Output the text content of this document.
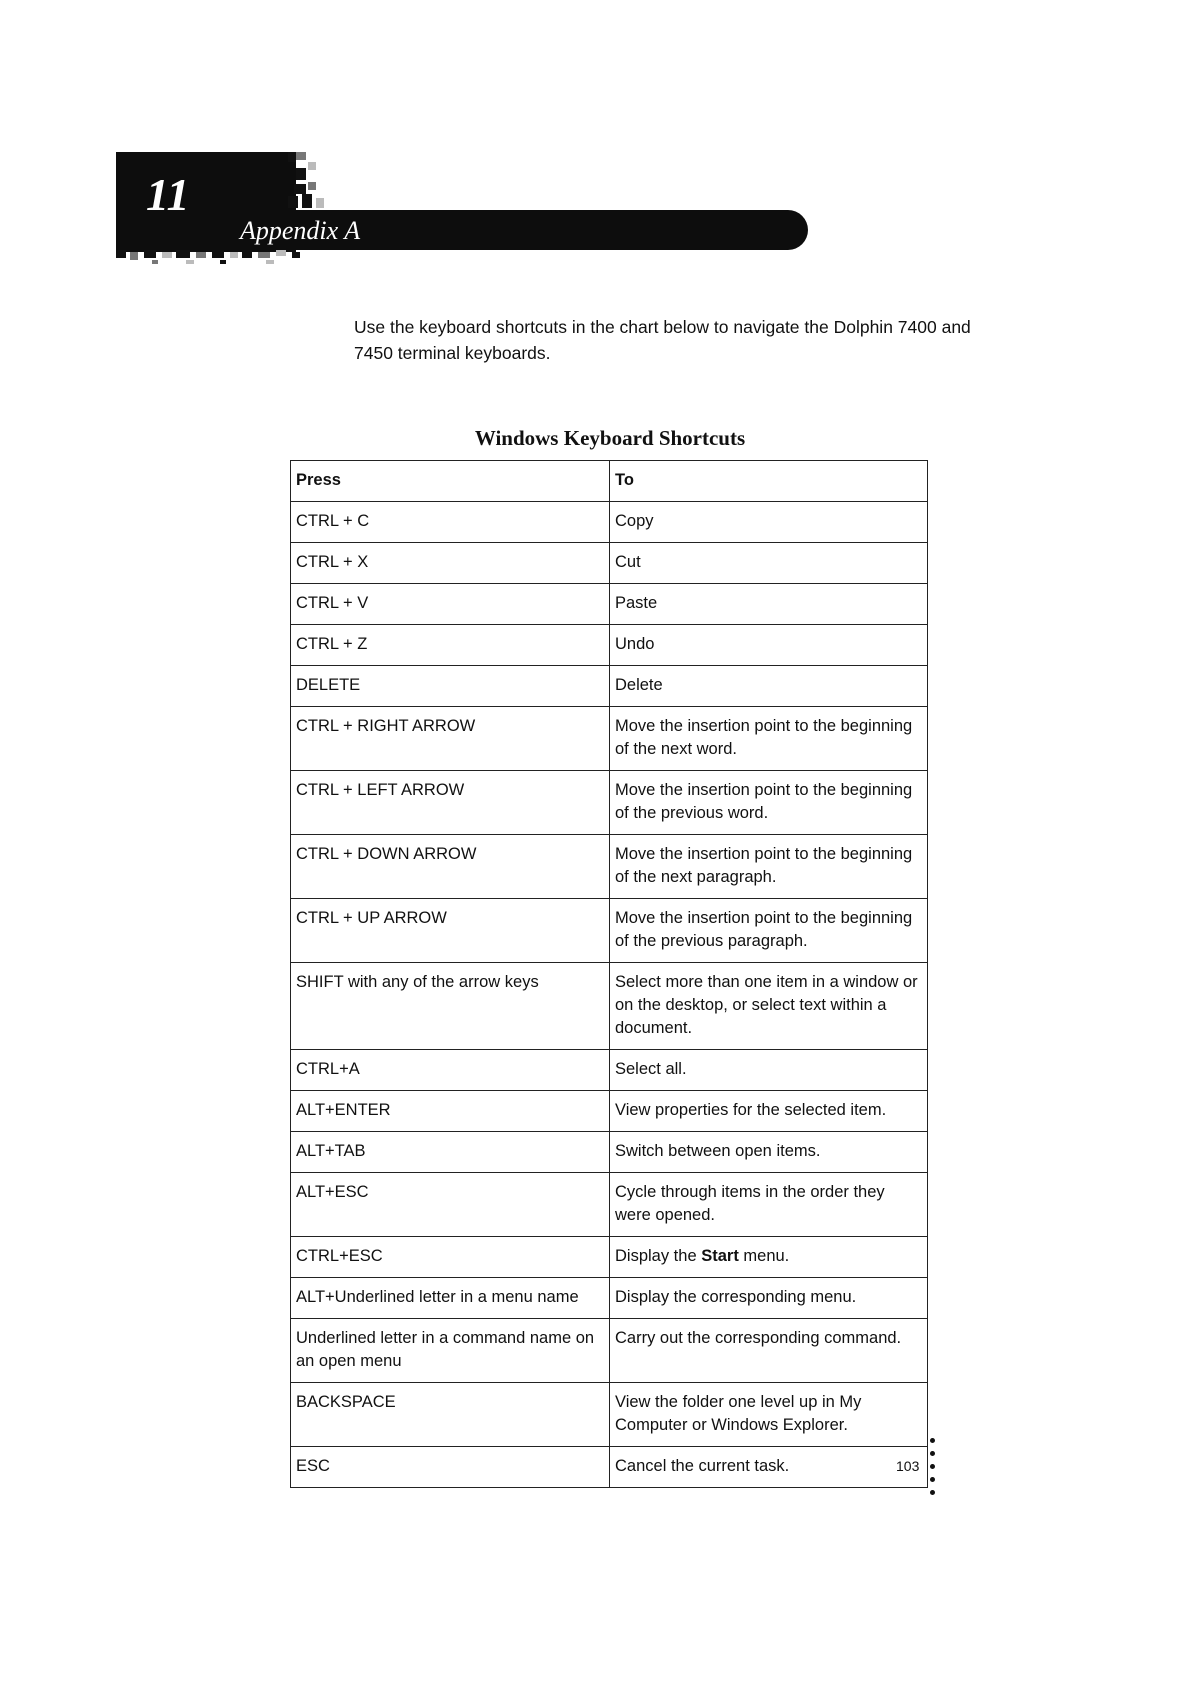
11
Appendix A
Use the keyboard shortcuts in the chart below to navigate the Dolphin 7400 and 7450 terminal keyboards.
Windows Keyboard Shortcuts
Press	To
CTRL + C	Copy
CTRL + X	Cut
CTRL + V	Paste
CTRL + Z	Undo
DELETE	Delete
CTRL + RIGHT ARROW	Move the insertion point to the beginning of the next word.
CTRL + LEFT ARROW	Move the insertion point to the beginning of the previous word.
CTRL + DOWN ARROW	Move the insertion point to the beginning of the next paragraph.
CTRL + UP ARROW	Move the insertion point to the beginning of the previous paragraph.
SHIFT with any of the arrow keys	Select more than one item in a window or on the desktop, or select text within a document.
CTRL+A	Select all.
ALT+ENTER	View properties for the selected item.
ALT+TAB	Switch between open items.
ALT+ESC	Cycle through items in the order they were opened.
CTRL+ESC	Display the Start menu.
ALT+Underlined letter in a menu name	Display the corresponding menu.
Underlined letter in a command name on an open menu	Carry out the corresponding command.
BACKSPACE	View the folder one level up in My Computer or Windows Explorer.
ESC	Cancel the current task.	103
